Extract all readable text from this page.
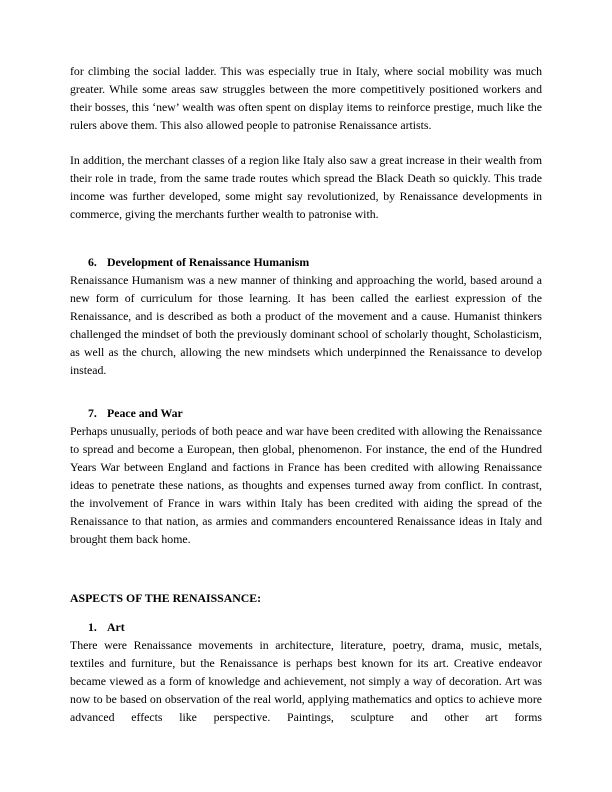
for climbing the social ladder. This was especially true in Italy, where social mobility was much greater. While some areas saw struggles between the more competitively positioned workers and their bosses, this ‘new’ wealth was often spent on display items to reinforce prestige, much like the rulers above them. This also allowed people to patronise Renaissance artists.

In addition, the merchant classes of a region like Italy also saw a great increase in their wealth from their role in trade, from the same trade routes which spread the Black Death so quickly. This trade income was further developed, some might say revolutionized, by Renaissance developments in commerce, giving the merchants further wealth to patronise with.

6. Development of Renaissance Humanism

Renaissance Humanism was a new manner of thinking and approaching the world, based around a new form of curriculum for those learning. It has been called the earliest expression of the Renaissance, and is described as both a product of the movement and a cause. Humanist thinkers challenged the mindset of both the previously dominant school of scholarly thought, Scholasticism, as well as the church, allowing the new mindsets which underpinned the Renaissance to develop instead.

7. Peace and War

Perhaps unusually, periods of both peace and war have been credited with allowing the Renaissance to spread and become a European, then global, phenomenon. For instance, the end of the Hundred Years War between England and factions in France has been credited with allowing Renaissance ideas to penetrate these nations, as thoughts and expenses turned away from conflict. In contrast, the involvement of France in wars within Italy has been credited with aiding the spread of the Renaissance to that nation, as armies and commanders encountered Renaissance ideas in Italy and brought them back home.

ASPECTS OF THE RENAISSANCE:

1. Art

There were Renaissance movements in architecture, literature, poetry, drama, music, metals, textiles and furniture, but the Renaissance is perhaps best known for its art. Creative endeavor became viewed as a form of knowledge and achievement, not simply a way of decoration. Art was now to be based on observation of the real world, applying mathematics and optics to achieve more advanced effects like perspective. Paintings, sculpture and other art forms
